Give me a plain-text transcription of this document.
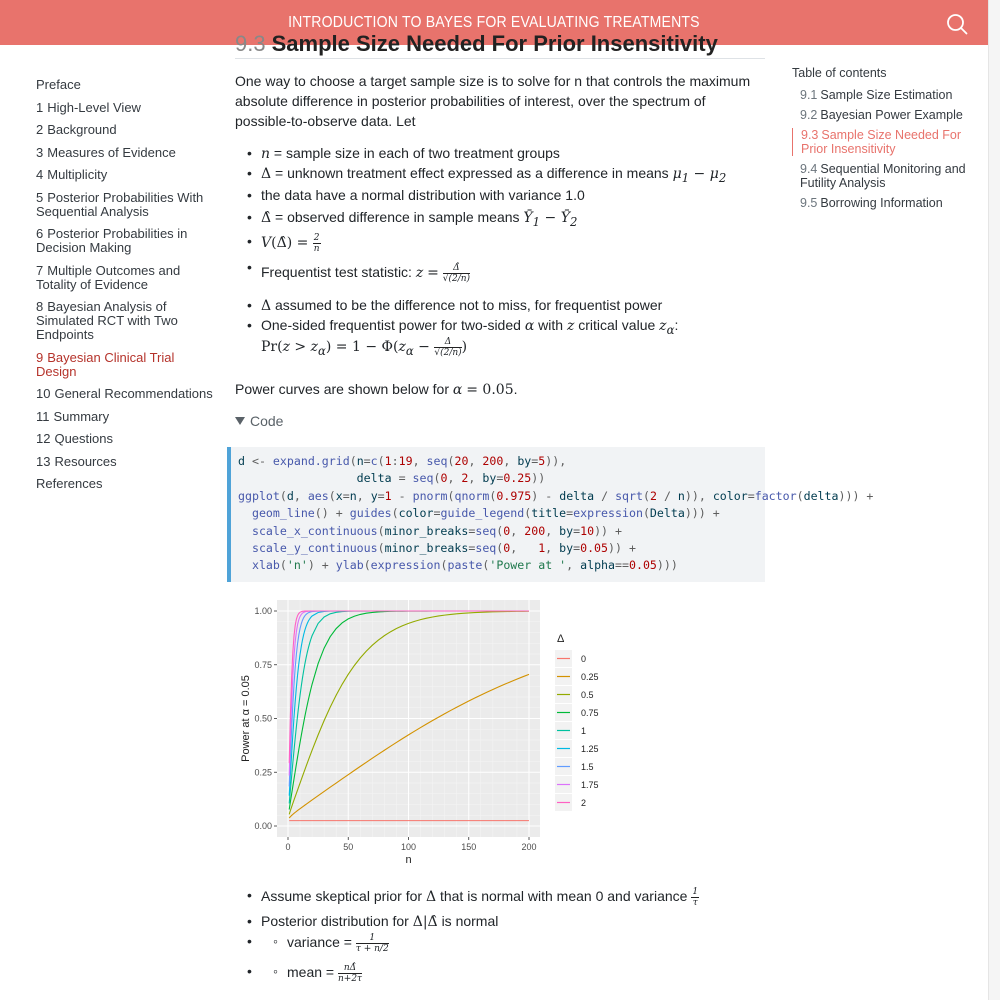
INTRODUCTION TO BAYES FOR EVALUATING TREATMENTS
Preface
1 High-Level View
2 Background
3 Measures of Evidence
4 Multiplicity
5 Posterior Probabilities With Sequential Analysis
6 Posterior Probabilities in Decision Making
7 Multiple Outcomes and Totality of Evidence
8 Bayesian Analysis of Simulated RCT with Two Endpoints
9 Bayesian Clinical Trial Design
10 General Recommendations
11 Summary
12 Questions
13 Resources
References
9.3 Sample Size Needed For Prior Insensitivity

One way to choose a target sample size is to solve for n that controls the maximum absolute difference in posterior probabilities of interest, over the spectrum of possible-to-observe data. Let

• n = sample size in each of two treatment groups
• Δ = unknown treatment effect expressed as a difference in means $\mu_1 - \mu_2$
• the data have a normal distribution with variance 1.0
• Δ̂ = observed difference in sample means $Ȳ_1$ − $Ȳ_2$
• V(Δ̂) = $\frac{2}{n}$
• Frequentist test statistic: $z = \frac{\Deltâ}{√(2/n)}$
• Δ assumed to be the difference not to miss, for frequentist power
• One-sided frequentist power for two-sided α with z critical value $z_\alpha$:
$Pr(z > z_\alpha) = 1 - \Phi(z_\alpha - \frac{\Delta}{√(2/n)}$ )

Power curves are shown below for α = 0.05.

Code
d <- expand.grid(n=c(1:19, seq(20, 200, by=5)),
delta = seq(0, 2, by=0.25))
ggplot(d, aes(x=n, y=1 - pnorm(qnorm(0.975) - delta / sqrt(2 / n)), color=factor(delta))) +
geom_line() + guides(color=guide_legend(title=expression(Delta))) +
scale_x_continuous(minor_breaks=seq(0, 200, by=10)) +
scale_y_continuous(minor_breaks=seq(0,   1, by=0.05)) +
xlab('n') + ylab(expression(paste('Power at ', alpha==0.05)))
0	50	100	150	200
0.00
0.25
0.50
0.75
1.00
n
Power at α = 0.05
Δ
0
0.25
0.5
0.75
1
1.25
1.5
1.75
2
• Assume skeptical prior for Δ that is normal with mean 0 and variance $\frac{1}{\tau}$
• Posterior distribution for Δ|Δ̂ is normal
• ◦ variance = $\frac{1}{\tau + n/2}$
• ◦ mean = $\frac{n\Deltâ}{n+2\tau}$
Table of contents
9.1 Sample Size Estimation
9.2 Bayesian Power Example
9.3 Sample Size Needed For Prior Insensitivity
9.4 Sequential Monitoring and Futility Analysis
9.5 Borrowing Information
